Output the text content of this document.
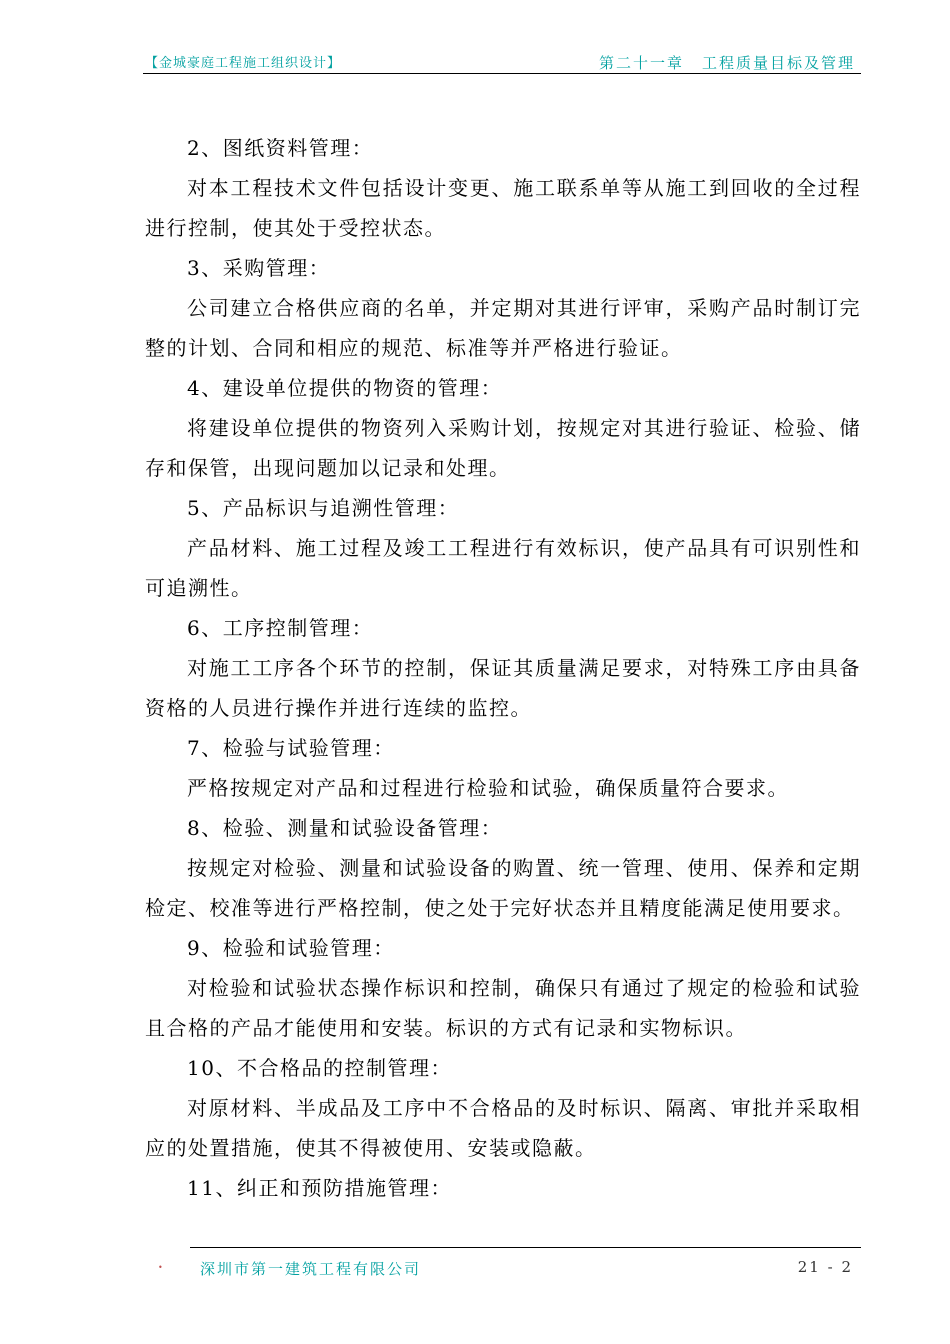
【金城豪庭工程施工组织设计】	第二十一章 工程质量目标及管理
2、图纸资料管理：
对本工程技术文件包括设计变更、施工联系单等从施工到回收的全过程进行控制，使其处于受控状态。
3、采购管理：
公司建立合格供应商的名单，并定期对其进行评审，采购产品时制订完整的计划、合同和相应的规范、标准等并严格进行验证。
4、建设单位提供的物资的管理：
将建设单位提供的物资列入采购计划，按规定对其进行验证、检验、储存和保管，出现问题加以记录和处理。
5、产品标识与追溯性管理：
产品材料、施工过程及竣工工程进行有效标识，使产品具有可识别性和可追溯性。
6、工序控制管理：
对施工工序各个环节的控制，保证其质量满足要求，对特殊工序由具备资格的人员进行操作并进行连续的监控。
7、检验与试验管理：
严格按规定对产品和过程进行检验和试验，确保质量符合要求。
8、检验、测量和试验设备管理：
按规定对检验、测量和试验设备的购置、统一管理、使用、保养和定期检定、校准等进行严格控制，使之处于完好状态并且精度能满足使用要求。
9、检验和试验管理：
对检验和试验状态操作标识和控制，确保只有通过了规定的检验和试验且合格的产品才能使用和安装。标识的方式有记录和实物标识。
10、不合格品的控制管理：
对原材料、半成品及工序中不合格品的及时标识、隔离、审批并采取相应的处置措施，使其不得被使用、安装或隐蔽。
11、纠正和预防措施管理：
• 深圳市第一建筑工程有限公司	21 - 2
